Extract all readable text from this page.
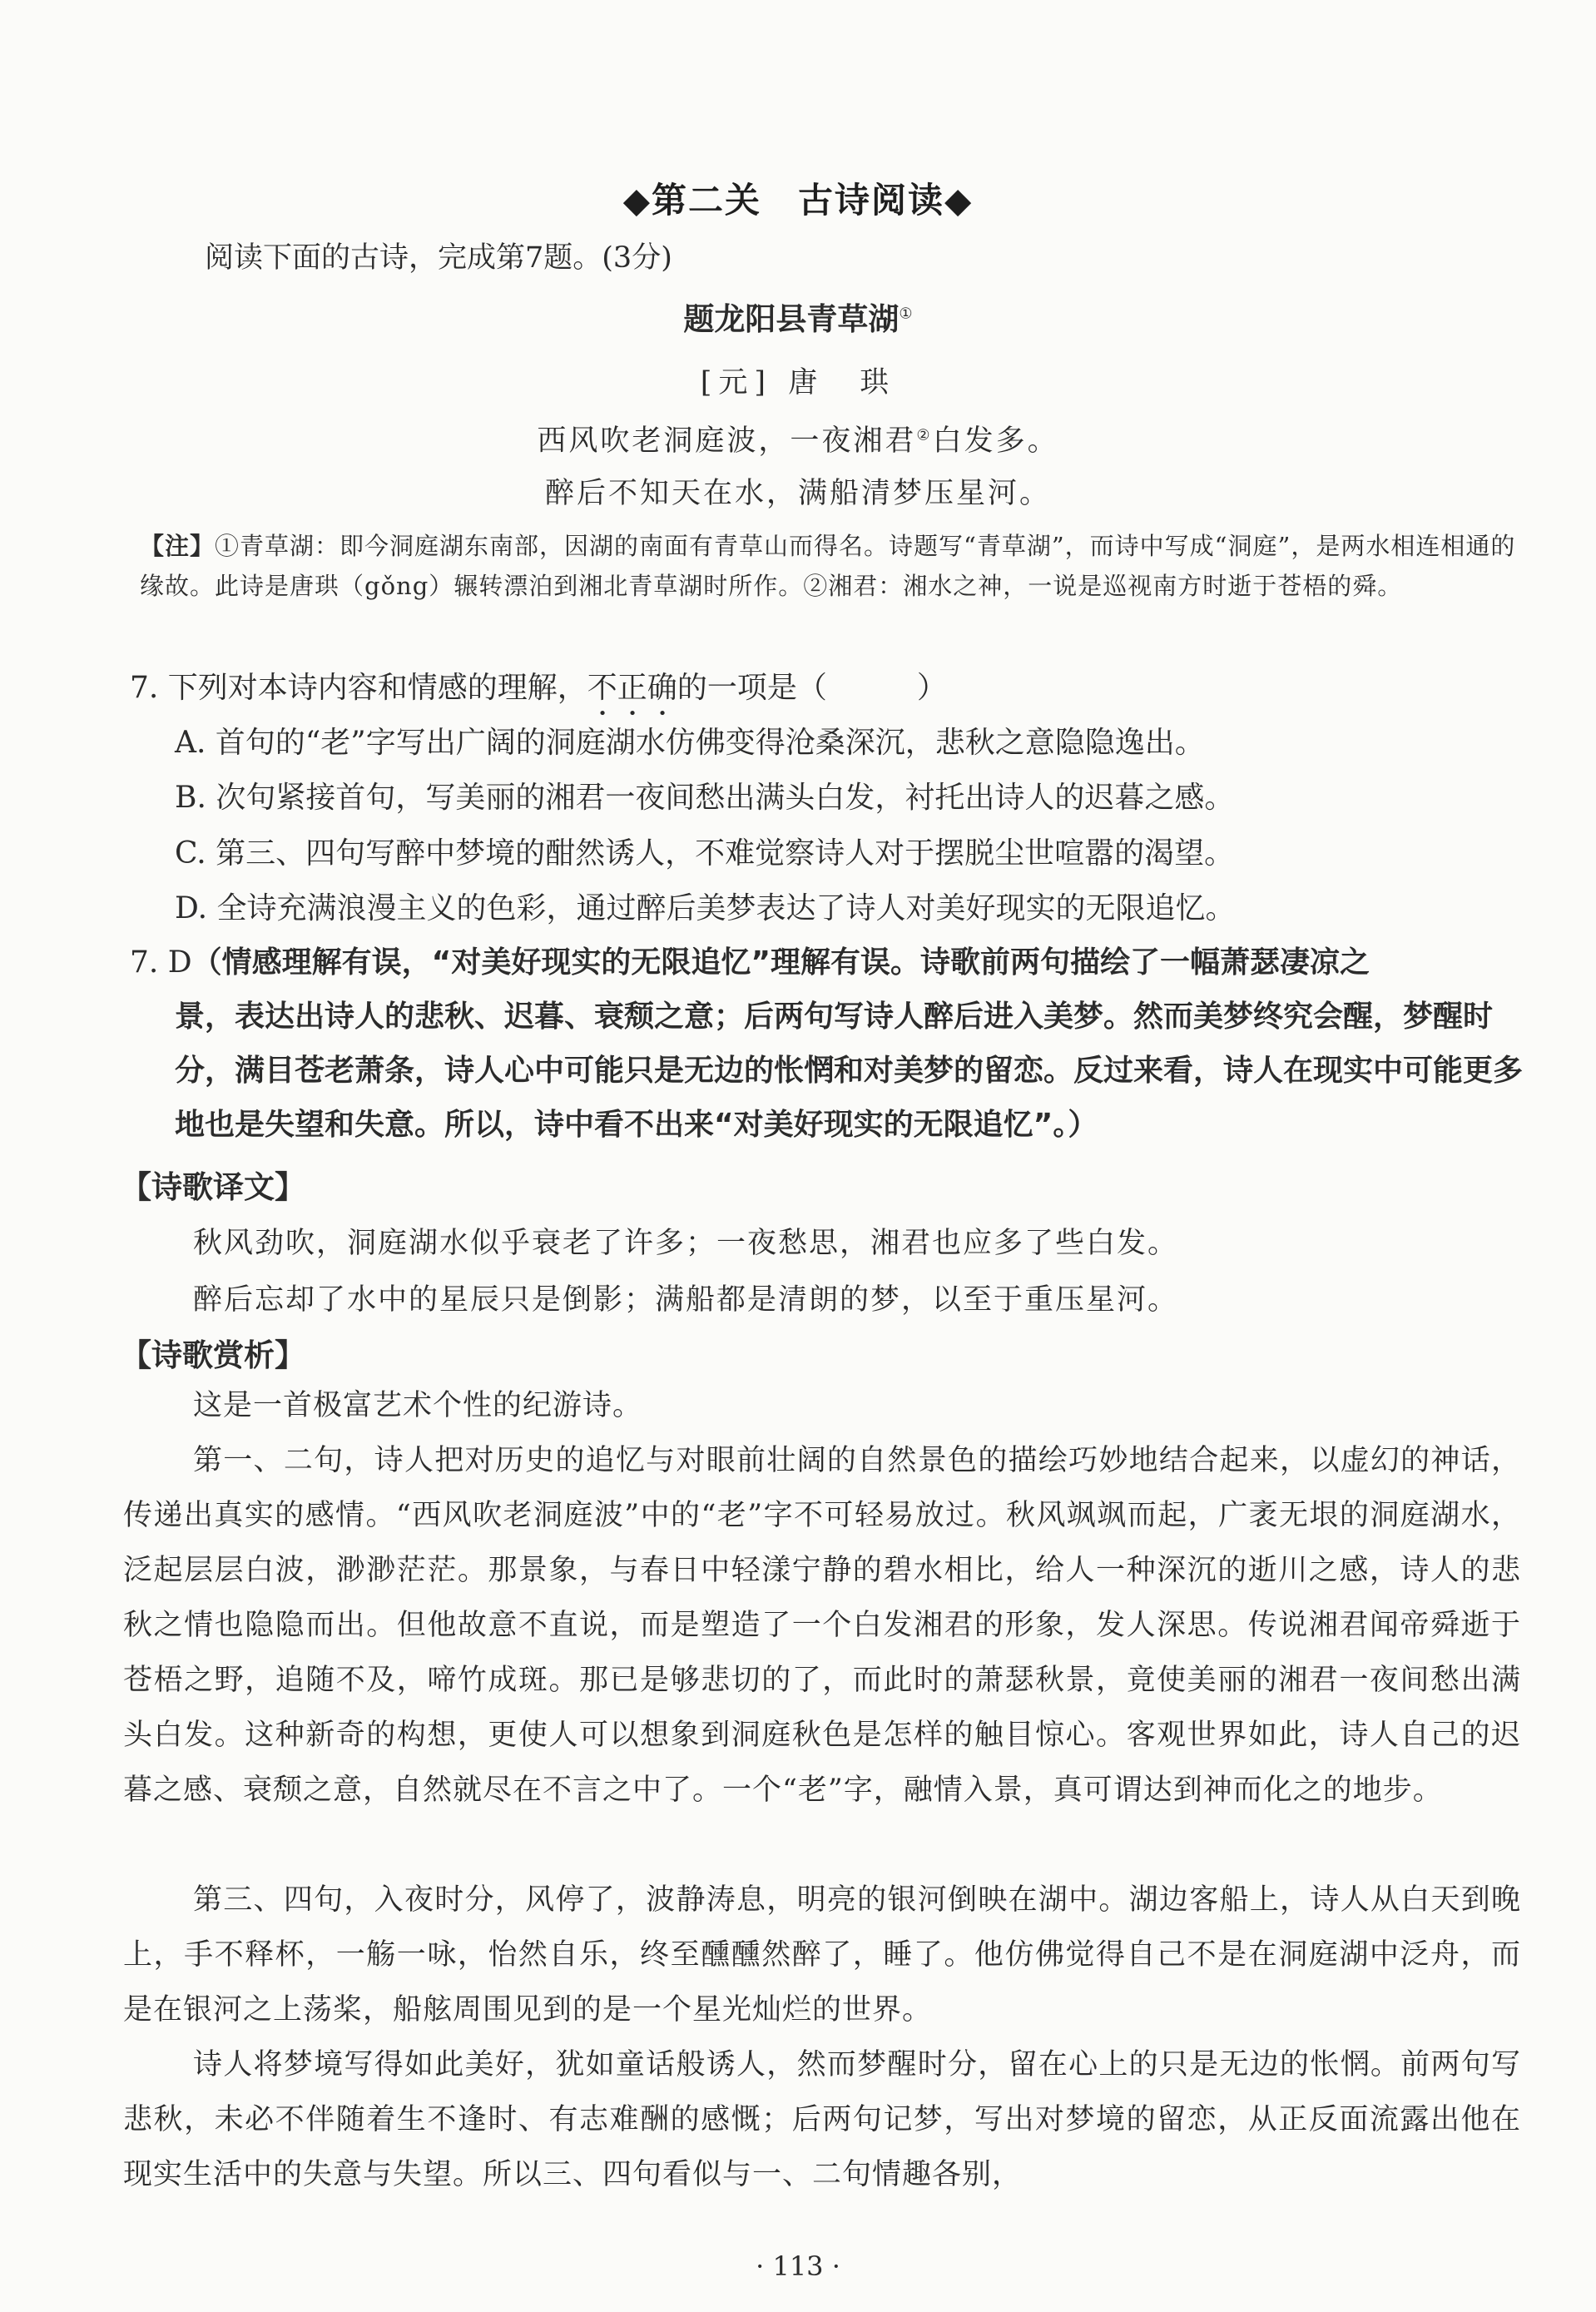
◆第二关　古诗阅读◆
阅读下面的古诗，完成第7题。(3分)
题龙阳县青草湖①
[元] 唐　珙
西风吹老洞庭波，一夜湘君②白发多。
醉后不知天在水，满船清梦压星河。
【注】①青草湖：即今洞庭湖东南部，因湖的南面有青草山而得名。诗题写“青草湖”，而诗中写成“洞庭”，是两水相连相通的缘故。此诗是唐珙（gǒng）辗转漂泊到湘北青草湖时所作。②湘君：湘水之神，一说是巡视南方时逝于苍梧的舜。
7. 下列对本诗内容和情感的理解，不正确的一项是（　　　）
A. 首句的“老”字写出广阔的洞庭湖水仿佛变得沧桑深沉，悲秋之意隐隐逸出。
B. 次句紧接首句，写美丽的湘君一夜间愁出满头白发，衬托出诗人的迟暮之感。
C. 第三、四句写醉中梦境的酣然诱人，不难觉察诗人对于摆脱尘世喧嚣的渴望。
D. 全诗充满浪漫主义的色彩，通过醉后美梦表达了诗人对美好现实的无限追忆。
7. D（情感理解有误，“对美好现实的无限追忆”理解有误。诗歌前两句描绘了一幅萧瑟凄凉之
景，表达出诗人的悲秋、迟暮、衰颓之意；后两句写诗人醉后进入美梦。然而美梦终究会醒，梦醒时分，满目苍老萧条，诗人心中可能只是无边的怅惘和对美梦的留恋。反过来看，诗人在现实中可能更多地也是失望和失意。所以，诗中看不出来“对美好现实的无限追忆”。）
【诗歌译文】
秋风劲吹，洞庭湖水似乎衰老了许多；一夜愁思，湘君也应多了些白发。
醉后忘却了水中的星辰只是倒影；满船都是清朗的梦，以至于重压星河。
【诗歌赏析】
这是一首极富艺术个性的纪游诗。
第一、二句，诗人把对历史的追忆与对眼前壮阔的自然景色的描绘巧妙地结合起来，以虚幻的神话，传递出真实的感情。“西风吹老洞庭波”中的“老”字不可轻易放过。秋风飒飒而起，广袤无垠的洞庭湖水，泛起层层白波，渺渺茫茫。那景象，与春日中轻漾宁静的碧水相比，给人一种深沉的逝川之感，诗人的悲秋之情也隐隐而出。但他故意不直说，而是塑造了一个白发湘君的形象，发人深思。传说湘君闻帝舜逝于苍梧之野，追随不及，啼竹成斑。那已是够悲切的了，而此时的萧瑟秋景，竟使美丽的湘君一夜间愁出满头白发。这种新奇的构想，更使人可以想象到洞庭秋色是怎样的触目惊心。客观世界如此，诗人自己的迟暮之感、衰颓之意，自然就尽在不言之中了。一个“老”字，融情入景，真可谓达到神而化之的地步。
第三、四句，入夜时分，风停了，波静涛息，明亮的银河倒映在湖中。湖边客船上，诗人从白天到晚上，手不释杯，一觞一咏，怡然自乐，终至醺醺然醉了，睡了。他仿佛觉得自己不是在洞庭湖中泛舟，而是在银河之上荡桨，船舷周围见到的是一个星光灿烂的世界。
诗人将梦境写得如此美好，犹如童话般诱人，然而梦醒时分，留在心上的只是无边的怅惘。前两句写悲秋，未必不伴随着生不逢时、有志难酬的感慨；后两句记梦，写出对梦境的留恋，从正反面流露出他在现实生活中的失意与失望。所以三、四句看似与一、二句情趣各别，
· 113 ·
